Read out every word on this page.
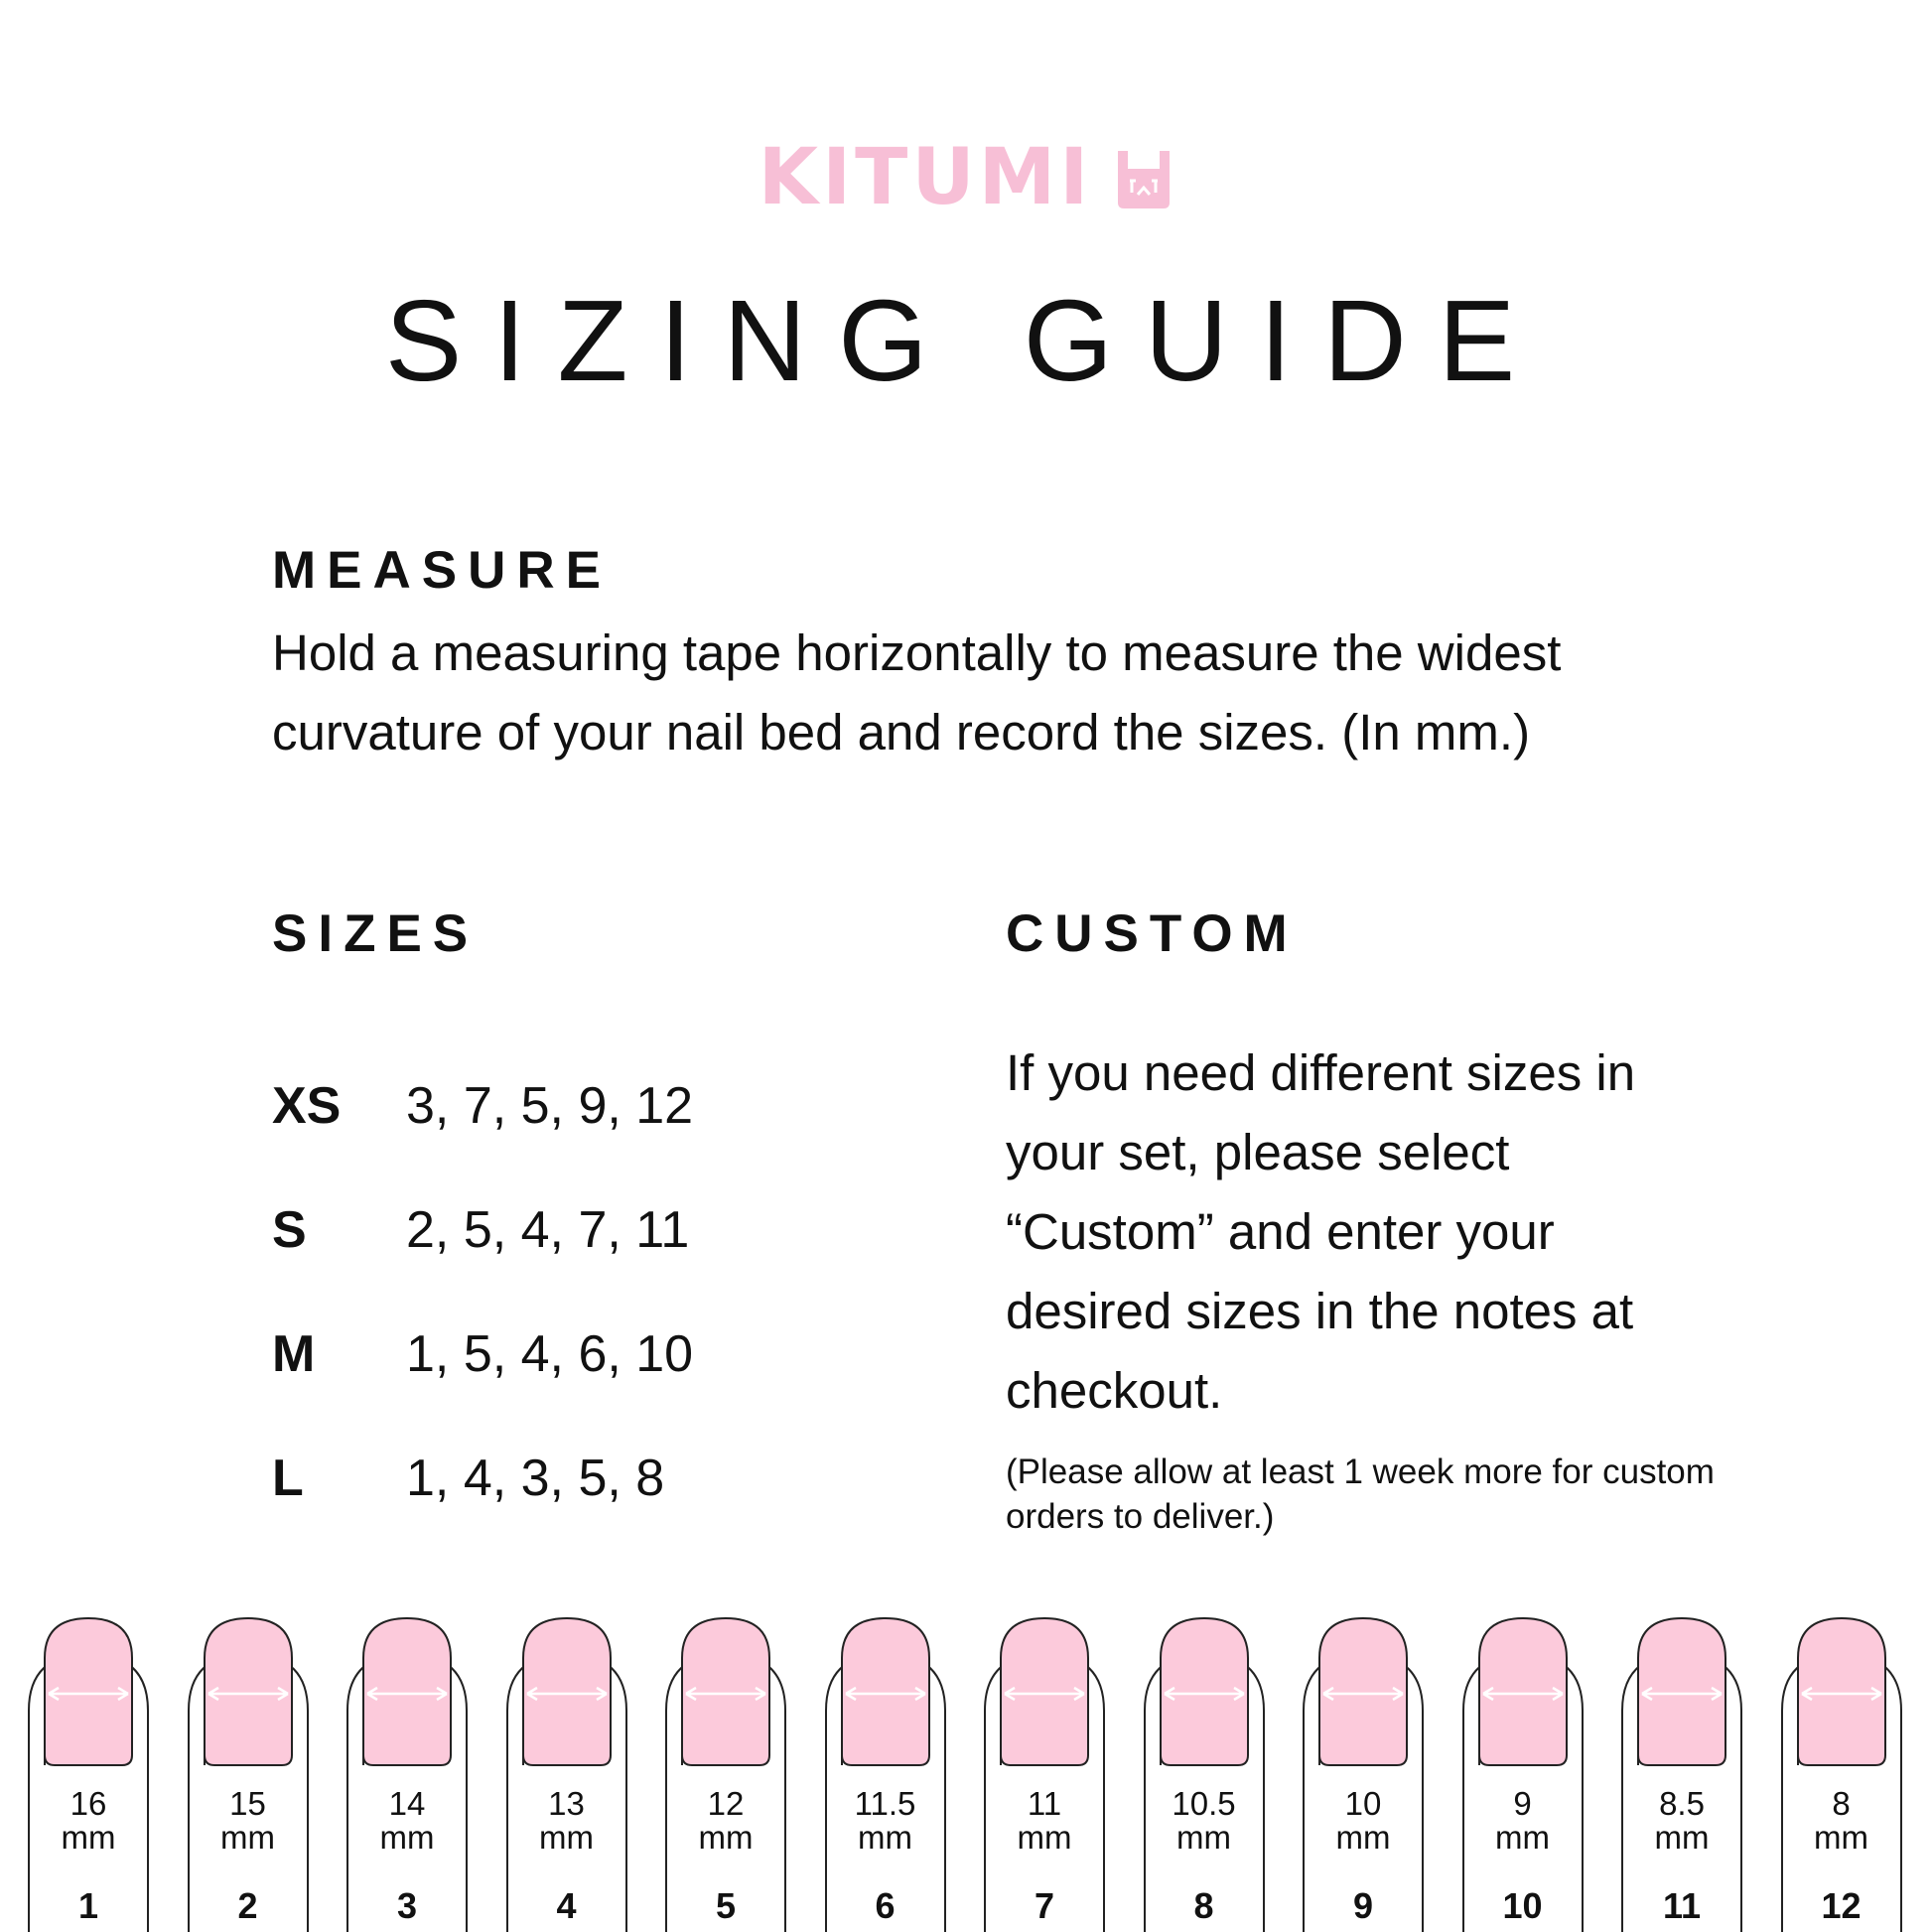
KITUMI
SIZING GUIDE
MEASURE
Hold a measuring tape horizontally to measure the widest curvature of your nail bed and record the sizes. (In mm.)
SIZES
XS	3, 7, 5, 9, 12
S	2, 5, 4, 7, 11
M	1, 5, 4, 6, 10
L	1, 4, 3, 5, 8
CUSTOM
If you need different sizes in your set, please select “Custom” and enter your desired sizes in the notes at checkout.
(Please allow at least 1 week more for custom orders to deliver.)
16
mm
1
15
mm
2
14
mm
3
13
mm
4
12
mm
5
11.5
mm
6
11
mm
7
10.5
mm
8
10
mm
9
9
mm
10
8.5
mm
11
8
mm
12
